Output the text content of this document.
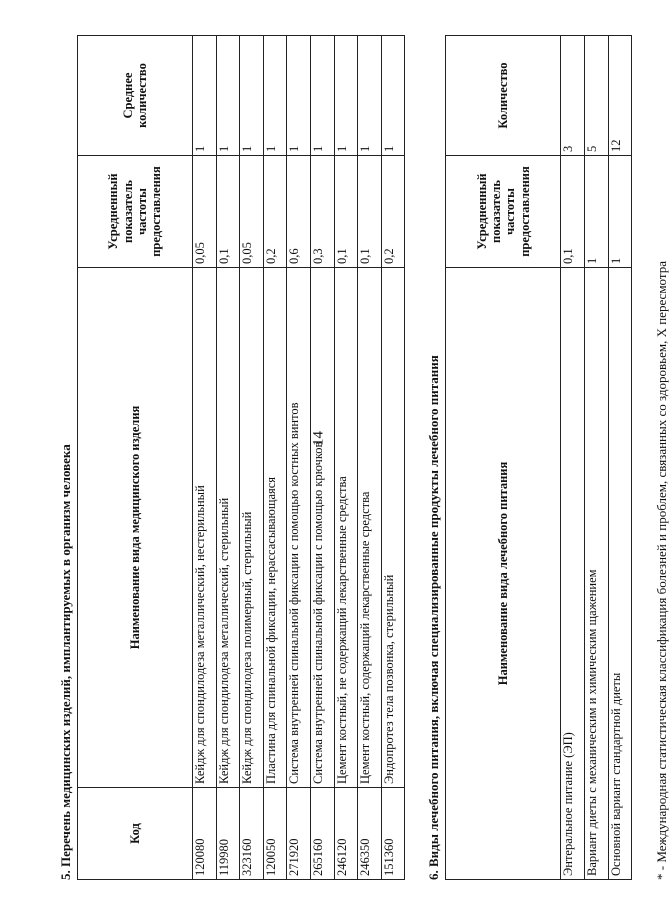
14

5. Перечень медицинских изделий, имплантируемых в организм человека	Код	Наименование вида медицинского изделия	Усредненный показатель частоты предоставления	Среднее количество
120080	Кейдж для спондилодеза металлический, нестерильный	0,05	1
119980	Кейдж для спондилодеза металлический, стерильный	0,1	1
323160	Кейдж для спондилодеза полимерный, стерильный	0,05	1
120050	Пластина для спинальной фиксации, нерассасывающаяся	0,2	1
271920	Система внутренней спинальной фиксации с помощью костных винтов	0,6	1
265160	Система внутренней спинальной фиксации с помощью крючков	0,3	1
246120	Цемент костный, не содержащий лекарственные средства	0,1	1
246350	Цемент костный, содержащий лекарственные средства	0,1	1
151360	Эндопротез тела позвонка, стерильный	0,2	1

6. Виды лечебного питания, включая специализированные продукты лечебного питания	Наименование вида лечебного питания	Усредненный показатель частоты предоставления	Количество
Энтеральное питание (ЭП)	0,1	3
Вариант диеты с механическим и химическим щажением	1	5
Основной вариант стандартной диеты	1	12

* - Международная статистическая классификация болезней и проблем, связанных со здоровьем, X пересмотра
